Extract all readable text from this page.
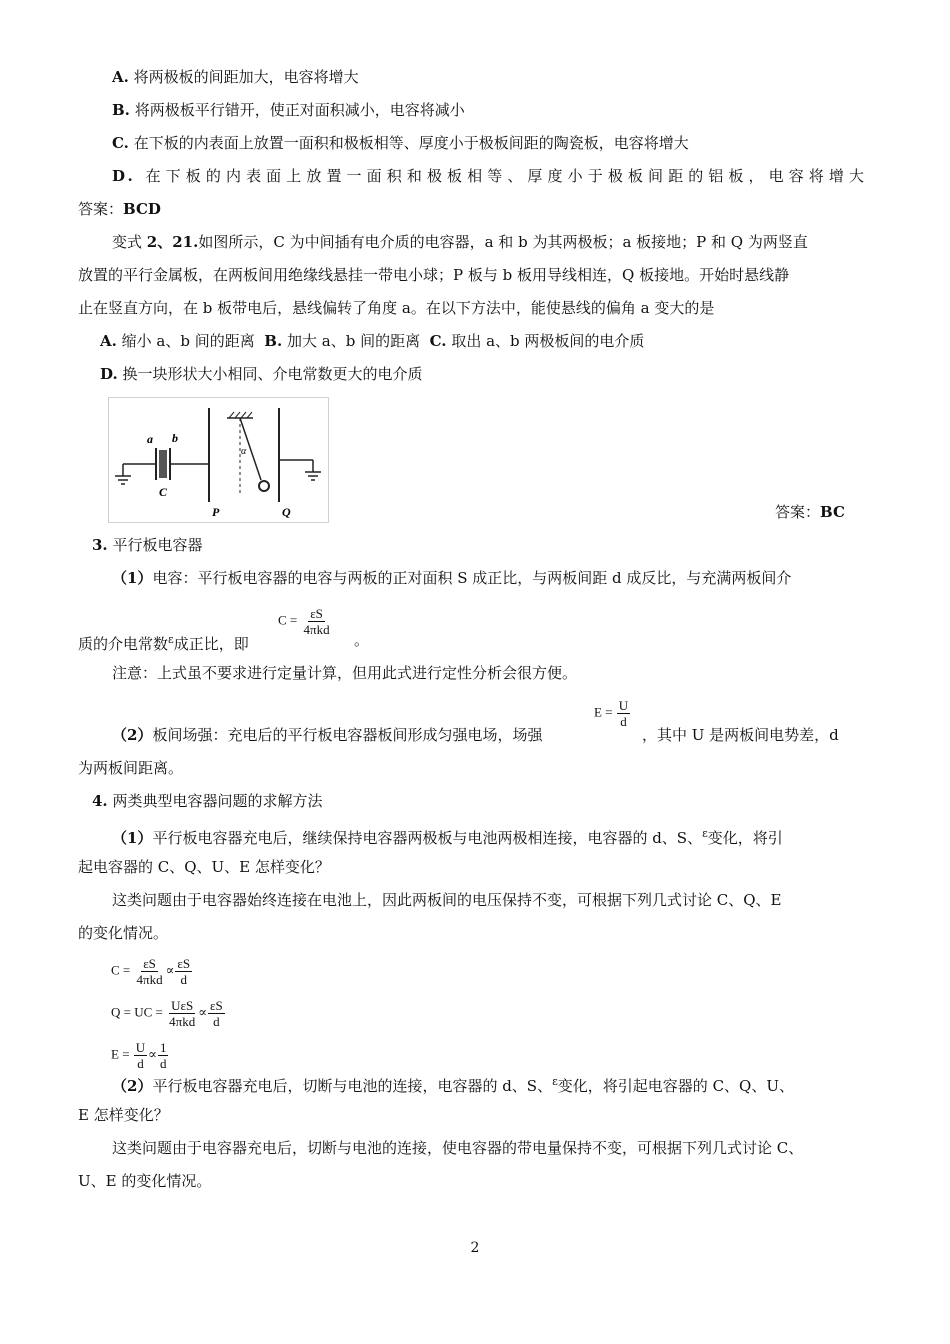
A. 将两极板的间距加大，电容将增大
B. 将两极板平行错开，使正对面积减小，电容将减小
C. 在下板的内表面上放置一面积和极板相等、厚度小于极板间距的陶瓷板，电容将增大
D. 在下板的内表面上放置一面积和极板相等、厚度小于极板间距的铝板，电容将增大
答案：BCD
变式 2、21.如图所示，C 为中间插有电介质的电容器，a 和 b 为其两极板；a 板接地；P 和 Q 为两竖直
放置的平行金属板，在两板间用绝缘线悬挂一带电小球；P 板与 b 板用导线相连，Q 板接地。开始时悬线静
止在竖直方向，在 b 板带电后，悬线偏转了角度 a。在以下方法中，能使悬线的偏角 a 变大的是
A. 缩小 a、b 间的距离 B. 加大 a、b 间的距离 C. 取出 a、b 两极板间的电介质
D. 换一块形状大小相同、介电常数更大的电介质
a b
C
P
α
Q	答案：BC
3. 平行板电容器
（1）电容：平行板电容器的电容与两板的正对面积 S 成正比，与两板间距 d 成反比，与充满两板间介
质的介电常数$^\varepsilon$成正比，即
$C = \frac{\varepsilon S}{\text{4πkd}}$
。
注意：上式虽不要求进行定量计算，但用此式进行定性分析会很方便。
（2）板间场强：充电后的平行板电容器板间形成匀强电场，场强
$E = \frac{U}{d}$
，其中 U 是两板间电势差，d
为两板间距离。
4. 两类典型电容器问题的求解方法
（1）平行板电容器充电后，继续保持电容器两极板与电池两极相连接，电容器的 d、S、$^\varepsilon$变化，将引
起电容器的 C、Q、U、E 怎样变化？
这类问题由于电容器始终连接在电池上，因此两板间的电压保持不变，可根据下列几式讨论 C、Q、E
的变化情况。
$C = \frac{\varepsilon S}{\text{4πkd}} \propto \frac{\varepsilon S}{d}$
Q = UC = $\frac{\text{UεS}}{\text{4πkd}} \propto \frac{\varepsilon S}{d}$
$E = \frac{U}{d} \propto \frac{1}{d}$
（2）平行板电容器充电后，切断与电池的连接，电容器的 d、S、$^\varepsilon$变化，将引起电容器的 C、Q、U、
E 怎样变化？
这类问题由于电容器充电后，切断与电池的连接，使电容器的带电量保持不变，可根据下列几式讨论 C、
U、E 的变化情况。
2
